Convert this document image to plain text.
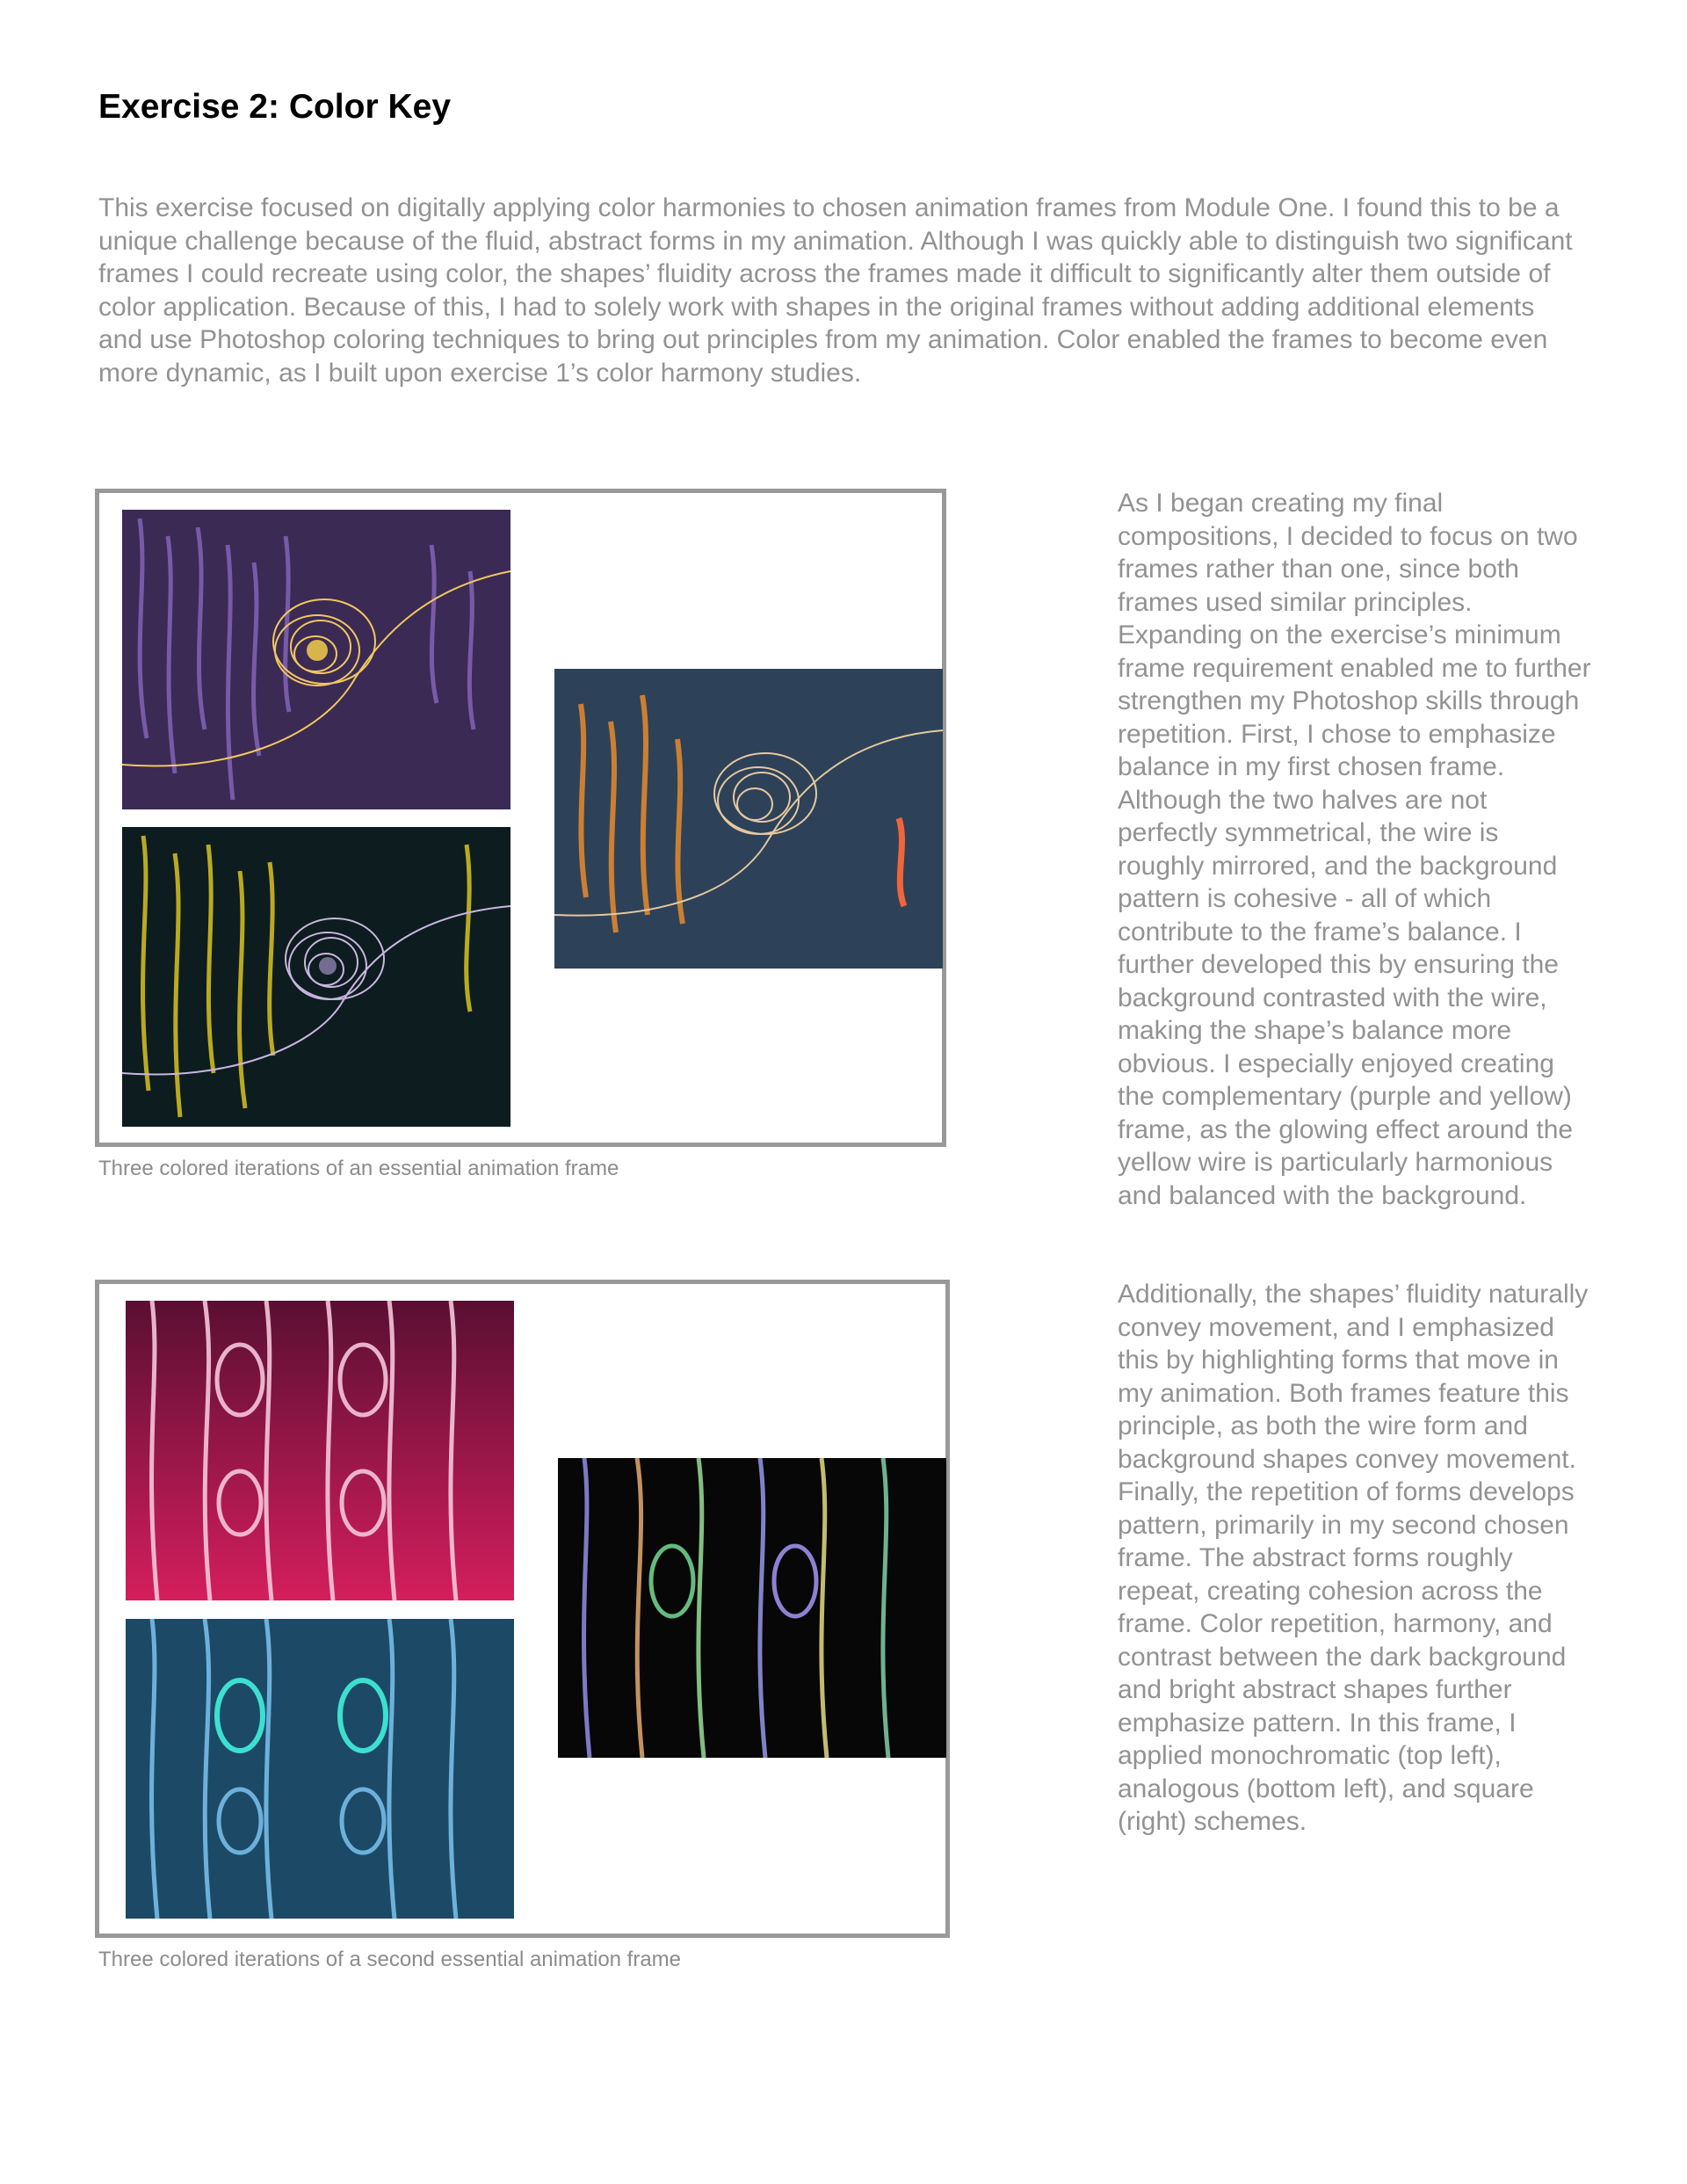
Exercise 2: Color Key

This exercise focused on digitally applying color harmonies to chosen animation frames from Module One. I found this to be a unique challenge because of the fluid, abstract forms in my animation. Although I was quickly able to distinguish two significant frames I could recreate using color, the shapes’ fluidity across the frames made it difficult to significantly alter them outside of color application. Because of this, I had to solely work with shapes in the original frames without adding additional elements and use Photoshop coloring techniques to bring out principles from my animation. Color enabled the frames to become even more dynamic, as I built upon exercise 1’s color harmony studies.

Three colored iterations of an essential animation frame

Three colored iterations of a second essential animation frame

As I began creating my final compositions, I decided to focus on two frames rather than one, since both frames used similar principles. Expanding on the exercise’s minimum frame requirement enabled me to further strengthen my Photoshop skills through repetition. First, I chose to emphasize balance in my first chosen frame. Although the two halves are not perfectly symmetrical, the wire is roughly mirrored, and the background pattern is cohesive - all of which contribute to the frame’s balance. I further developed this by ensuring the background contrasted with the wire, making the shape’s balance more obvious. I especially enjoyed creating the complementary (purple and yellow) frame, as the glowing effect around the yellow wire is particularly harmonious and balanced with the background.

Additionally, the shapes’ fluidity naturally convey movement, and I emphasized this by highlighting forms that move in my animation. Both frames feature this principle, as both the wire form and background shapes convey movement. Finally, the repetition of forms develops pattern, primarily in my second chosen frame. The abstract forms roughly repeat, creating cohesion across the frame. Color repetition, harmony, and contrast between the dark background and bright abstract shapes further emphasize pattern. In this frame, I applied monochromatic (top left), analogous (bottom left), and square (right) schemes.
